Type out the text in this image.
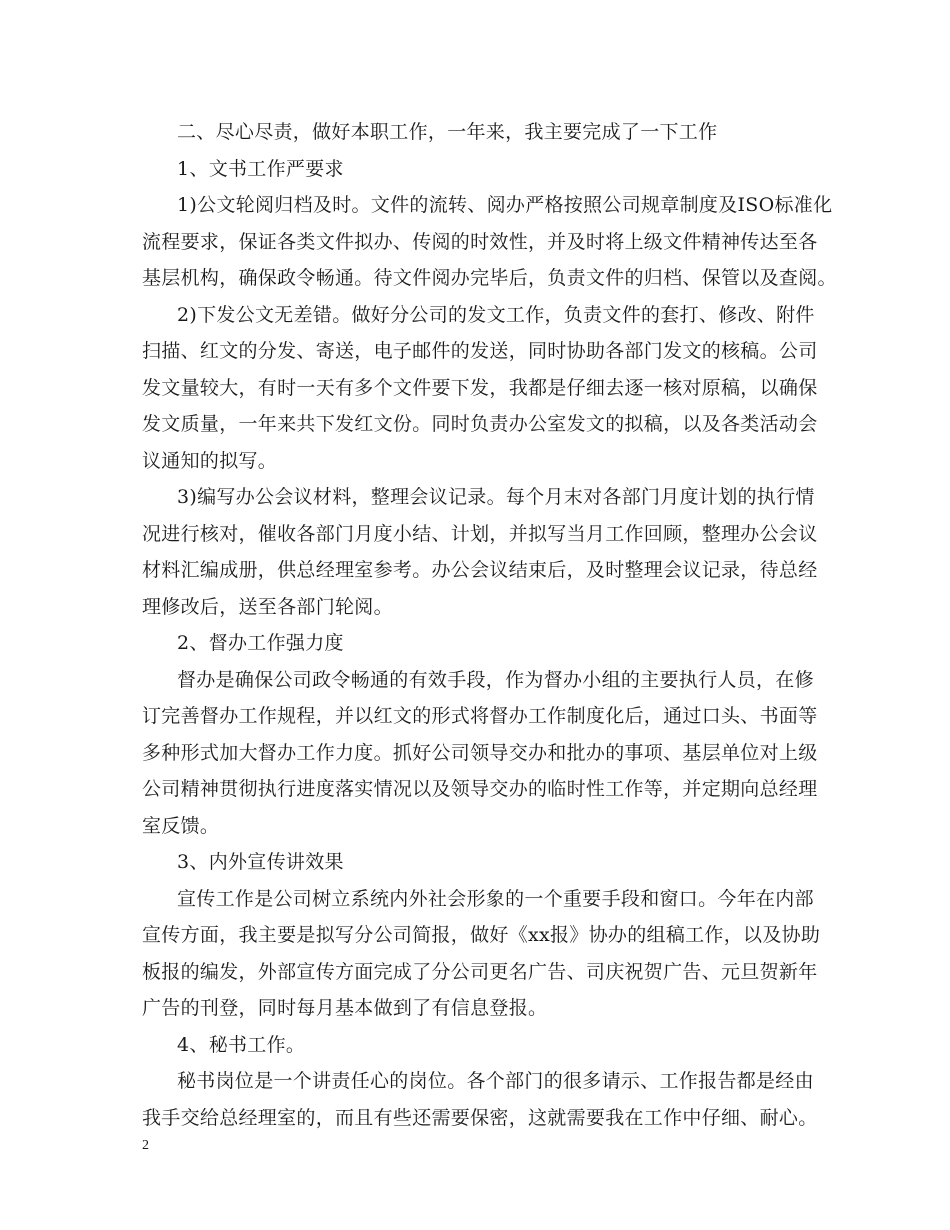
二、尽心尽责，做好本职工作，一年来，我主要完成了一下工作
1、文书工作严要求
1)公文轮阅归档及时。文件的流转、阅办严格按照公司规章制度及ISO标准化
流程要求，保证各类文件拟办、传阅的时效性，并及时将上级文件精神传达至各
基层机构，确保政令畅通。待文件阅办完毕后，负责文件的归档、保管以及查阅。
2)下发公文无差错。做好分公司的发文工作，负责文件的套打、修改、附件
扫描、红文的分发、寄送，电子邮件的发送，同时协助各部门发文的核稿。公司
发文量较大，有时一天有多个文件要下发，我都是仔细去逐一核对原稿，以确保
发文质量，一年来共下发红文份。同时负责办公室发文的拟稿，以及各类活动会
议通知的拟写。
3)编写办公会议材料，整理会议记录。每个月末对各部门月度计划的执行情
况进行核对，催收各部门月度小结、计划，并拟写当月工作回顾，整理办公会议
材料汇编成册，供总经理室参考。办公会议结束后，及时整理会议记录，待总经
理修改后，送至各部门轮阅。
2、督办工作强力度
督办是确保公司政令畅通的有效手段，作为督办小组的主要执行人员，在修
订完善督办工作规程，并以红文的形式将督办工作制度化后，通过口头、书面等
多种形式加大督办工作力度。抓好公司领导交办和批办的事项、基层单位对上级
公司精神贯彻执行进度落实情况以及领导交办的临时性工作等，并定期向总经理
室反馈。
3、内外宣传讲效果
宣传工作是公司树立系统内外社会形象的一个重要手段和窗口。今年在内部
宣传方面，我主要是拟写分公司简报，做好《xx报》协办的组稿工作，以及协助
板报的编发，外部宣传方面完成了分公司更名广告、司庆祝贺广告、元旦贺新年
广告的刊登，同时每月基本做到了有信息登报。
4、秘书工作。
秘书岗位是一个讲责任心的岗位。各个部门的很多请示、工作报告都是经由
我手交给总经理室的，而且有些还需要保密，这就需要我在工作中仔细、耐心。
2
